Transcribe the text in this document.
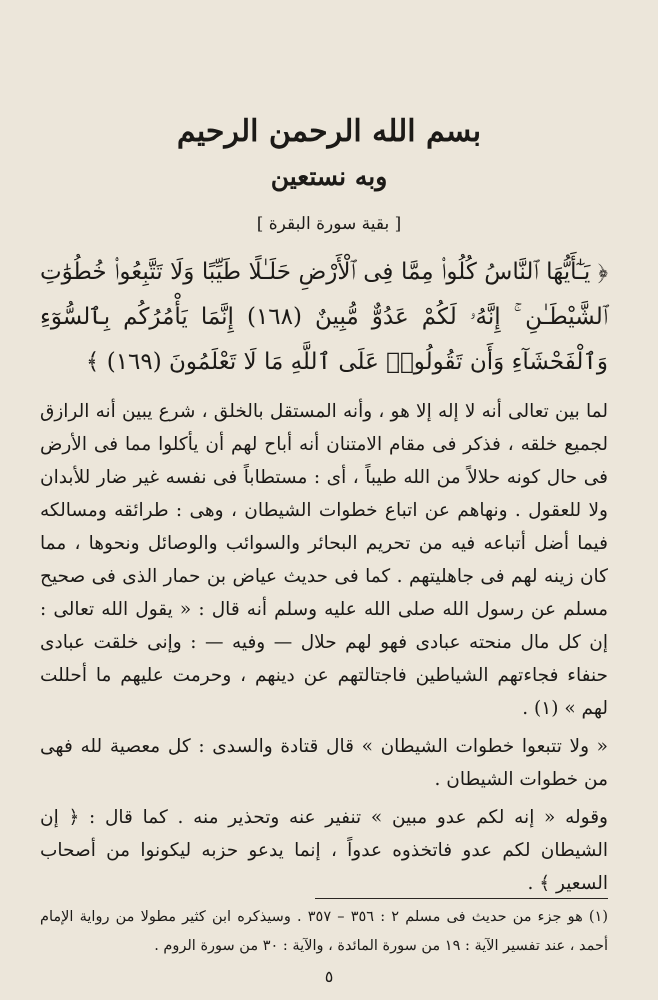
بسم الله الرحمن الرحيم
وبه نستعين
[ بقية سورة البقرة ]
﴿ يَـٰٓأَيُّهَا ٱلنَّاسُ كُلُوا۟ مِمَّا فِى ٱلْأَرْضِ حَلَـٰلًا طَيِّبًا وَلَا تَتَّبِعُوا۟ خُطُوَٰتِ ٱلشَّيْطَـٰنِ ۚ إِنَّهُۥ لَكُمْ عَدُوٌّ مُّبِينٌ (١٦٨) إِنَّمَا يَأْمُرُكُم بِٱلسُّوٓءِ وَٱلْفَحْشَآءِ وَأَن تَقُولُوا۟ عَلَى ٱللَّهِ مَا لَا تَعْلَمُونَ (١٦٩) ﴾

لما بين تعالى أنه لا إله إلا هو ، وأنه المستقل بالخلق ، شرع يبين أنه الرازق لجميع خلقه ، فذكر فى مقام الامتنان أنه أباح لهم أن يأكلوا مما فى الأرض فى حال كونه حلالاً من الله طيباً ، أى : مستطاباً فى نفسه غير ضار للأبدان ولا للعقول . ونهاهم عن اتباع خطوات الشيطان ، وهى : طرائقه ومسالكه فيما أضل أتباعه فيه من تحريم البحائر والسوائب والوصائل ونحوها ، مما كان زينه لهم فى جاهليتهم . كما فى حديث عياض بن حمار الذى فى صحيح مسلم عن رسول الله صلى الله عليه وسلم أنه قال : « يقول الله تعالى : إن كل مال منحته عبادى فهو لهم حلال — وفيه — : وإنى خلقت عبادى حنفاء فجاءتهم الشياطين فاجتالتهم عن دينهم ، وحرمت عليهم ما أحللت لهم » (١) .

« ولا تتبعوا خطوات الشيطان » قال قتادة والسدى : كل معصية لله فهى من خطوات الشيطان .

وقوله « إنه لكم عدو مبين » تنفير عنه وتحذير منه . كما قال : ﴿ إن الشيطان لكم عدو فاتخذوه عدواً ، إنما يدعو حزبه ليكونوا من أصحاب السعير ﴾ .

(١) هو جزء من حديث فى مسلم ٢ : ٣٥٦ – ٣٥٧ . وسيذكره ابن كثير مطولا من رواية الإمام أحمد ، عند تفسير الآية : ١٩ من سورة المائدة ، والآية : ٣٠ من سورة الروم .
٥
